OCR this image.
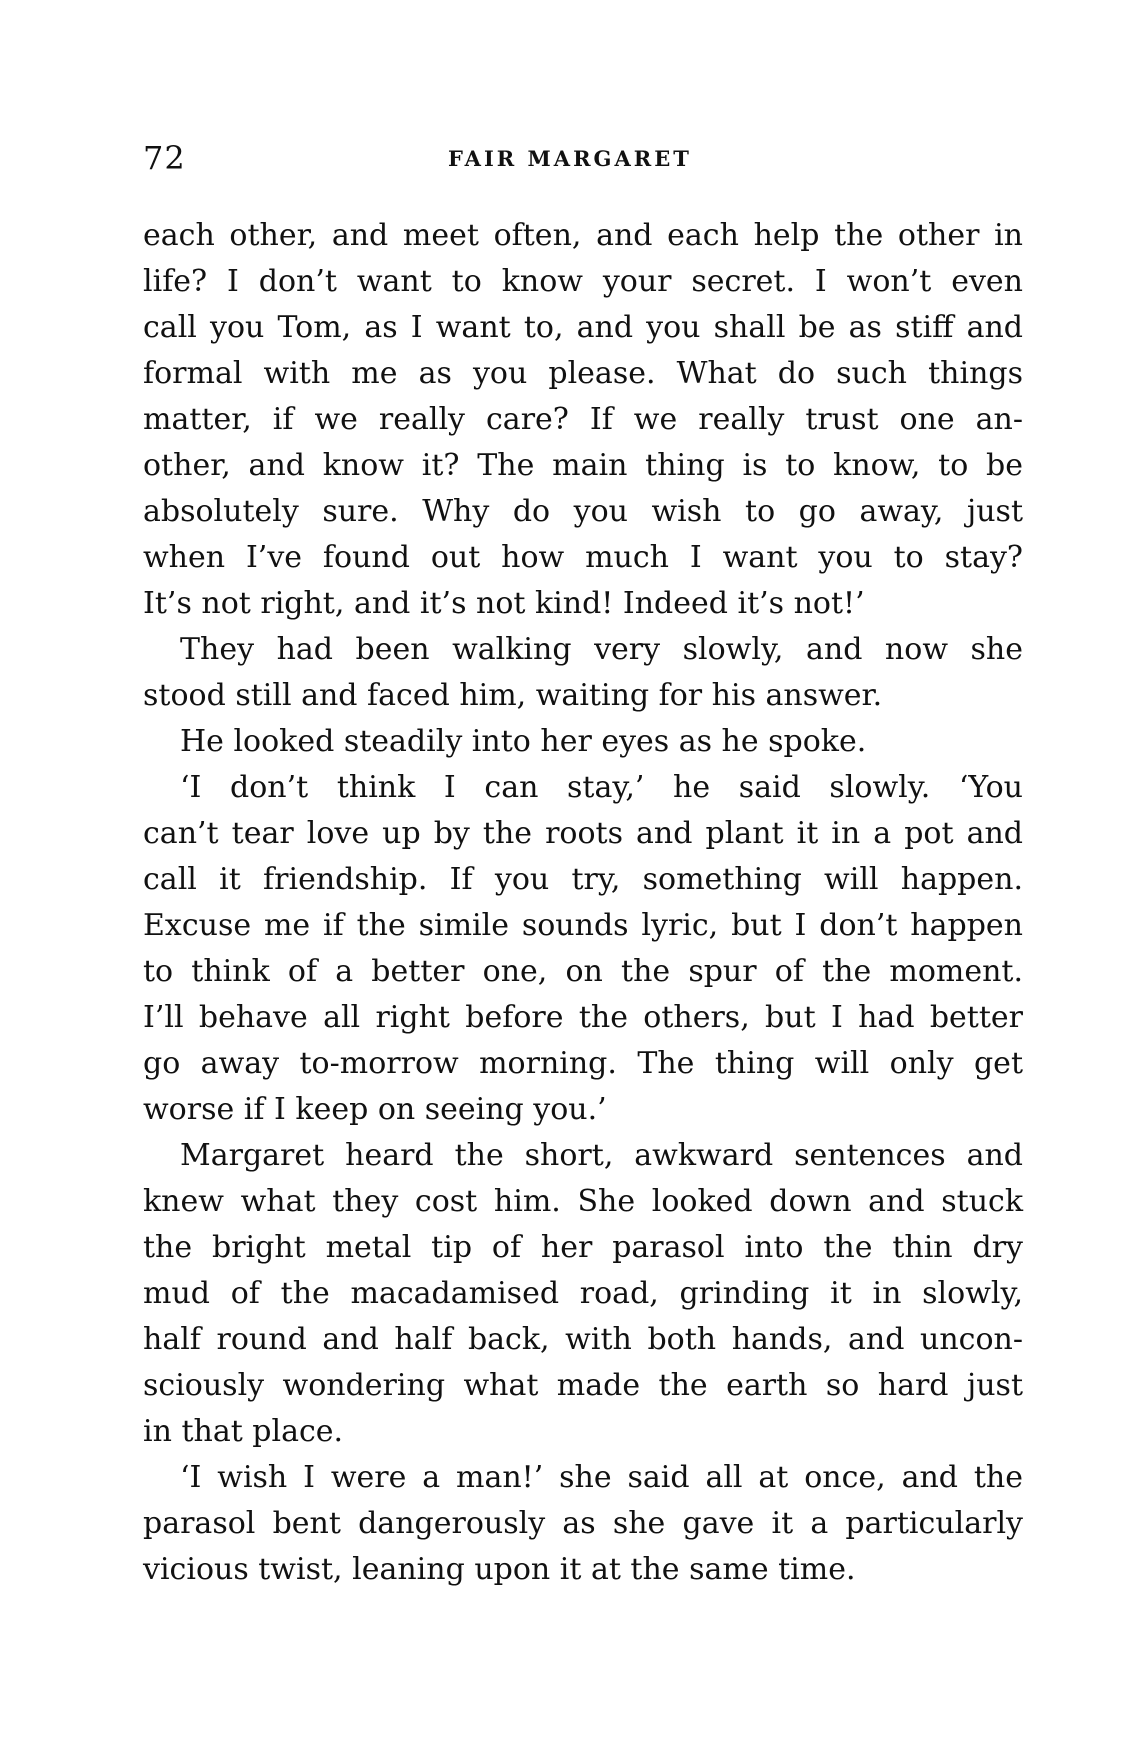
72	FAIR MARGARET
each other, and meet often, and each help the other in
life? I don’t want to know your secret. I won’t even
call you Tom, as I want to, and you shall be as stiff and
formal with me as you please. What do such things
matter, if we really care? If we really trust one an-
other, and know it? The main thing is to know, to be
absolutely sure. Why do you wish to go away, just
when I’ve found out how much I want you to stay?
It’s not right, and it’s not kind! Indeed it’s not!’
They had been walking very slowly, and now she
stood still and faced him, waiting for his answer.
He looked steadily into her eyes as he spoke.
‘I don’t think I can stay,’ he said slowly. ‘You
can’t tear love up by the roots and plant it in a pot and
call it friendship. If you try, something will happen.
Excuse me if the simile sounds lyric, but I don’t happen
to think of a better one, on the spur of the moment.
I’ll behave all right before the others, but I had better
go away to-morrow morning. The thing will only get
worse if I keep on seeing you.’
Margaret heard the short, awkward sentences and
knew what they cost him. She looked down and stuck
the bright metal tip of her parasol into the thin dry
mud of the macadamised road, grinding it in slowly,
half round and half back, with both hands, and uncon-
sciously wondering what made the earth so hard just
in that place.
‘I wish I were a man!’ she said all at once, and the
parasol bent dangerously as she gave it a particularly
vicious twist, leaning upon it at the same time.
